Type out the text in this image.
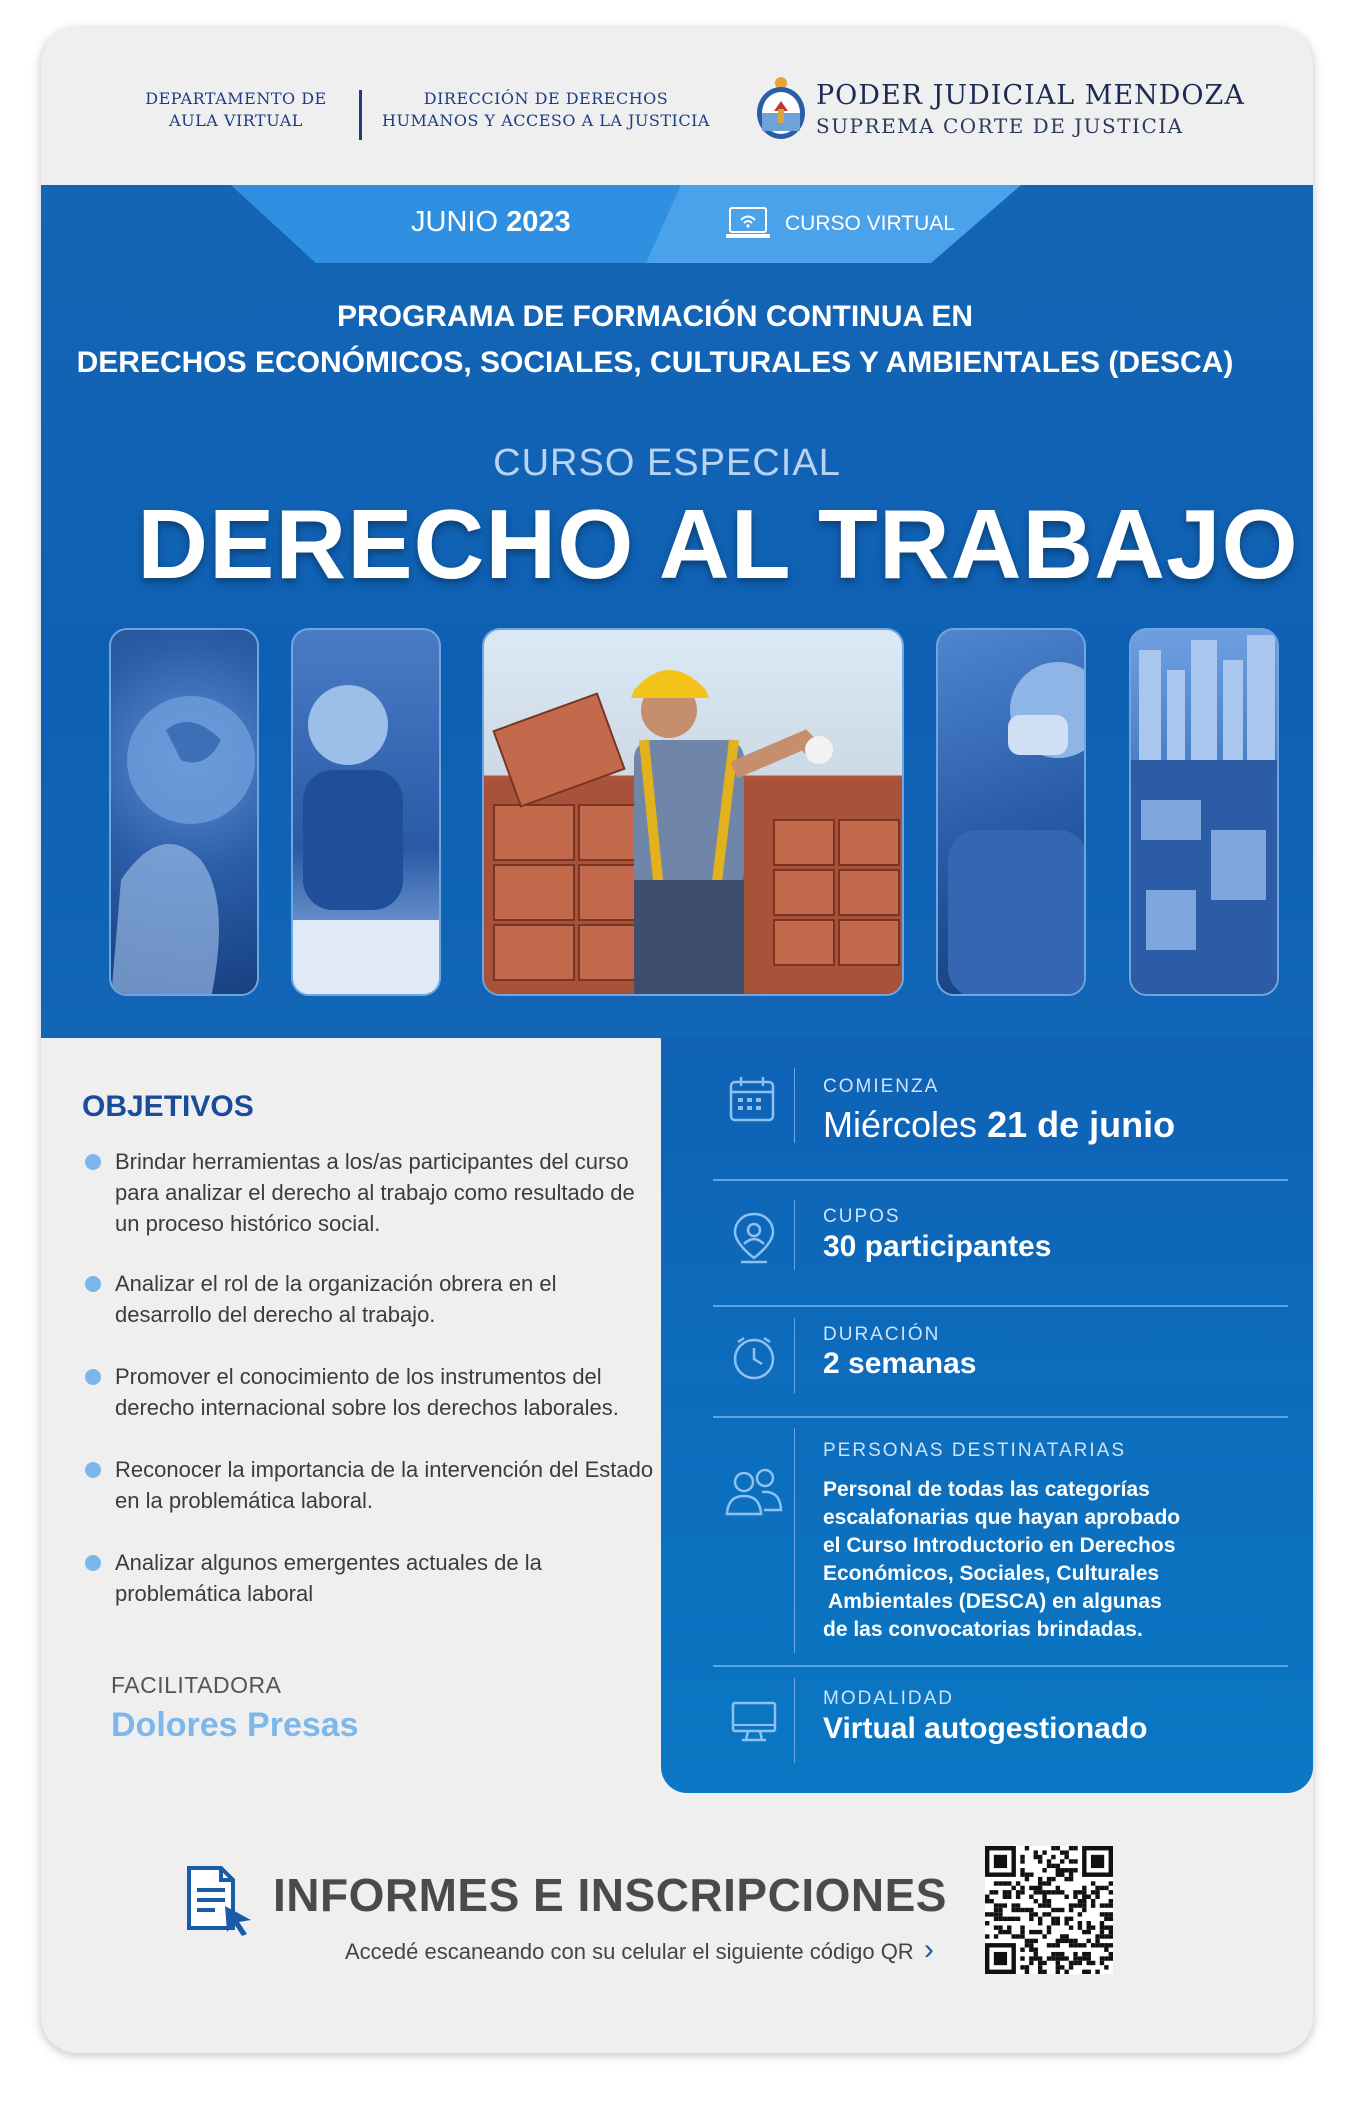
DEPARTAMENTO DE
AULA VIRTUAL
DIRECCIÓN DE DERECHOS
HUMANOS Y ACCESO A LA JUSTICIA
PODER JUDICIAL MENDOZA
SUPREMA CORTE DE JUSTICIA
JUNIO 2023	CURSO VIRTUAL
PROGRAMA DE FORMACIÓN CONTINUA EN
DERECHOS ECONÓMICOS, SOCIALES, CULTURALES Y AMBIENTALES (DESCA)
CURSO ESPECIAL
DERECHO AL TRABAJO
OBJETIVOS
Brindar herramientas a los/as participantes del curso para analizar el derecho al trabajo como resultado de un proceso histórico social.
Analizar el rol de la organización obrera en el desarrollo del derecho al trabajo.
Promover el conocimiento de los instrumentos del derecho internacional sobre los derechos laborales.
Reconocer la importancia de la intervención del Estado en la problemática laboral.
Analizar algunos emergentes actuales de la problemática laboral
FACILITADORA
Dolores Presas
COMIENZA
Miércoles 21 de junio
CUPOS
30 participantes
DURACIÓN
2 semanas
PERSONAS DESTINATARIAS
Personal de todas las categorías
escalafonarias que hayan aprobado
el Curso Introductorio en Derechos
Económicos, Sociales, Culturales
Ambientales (DESCA) en algunas
de las convocatorias brindadas.
MODALIDAD
Virtual autogestionado
INFORMES E INSCRIPCIONES
Accedé escaneando con su celular el siguiente código QR ›
